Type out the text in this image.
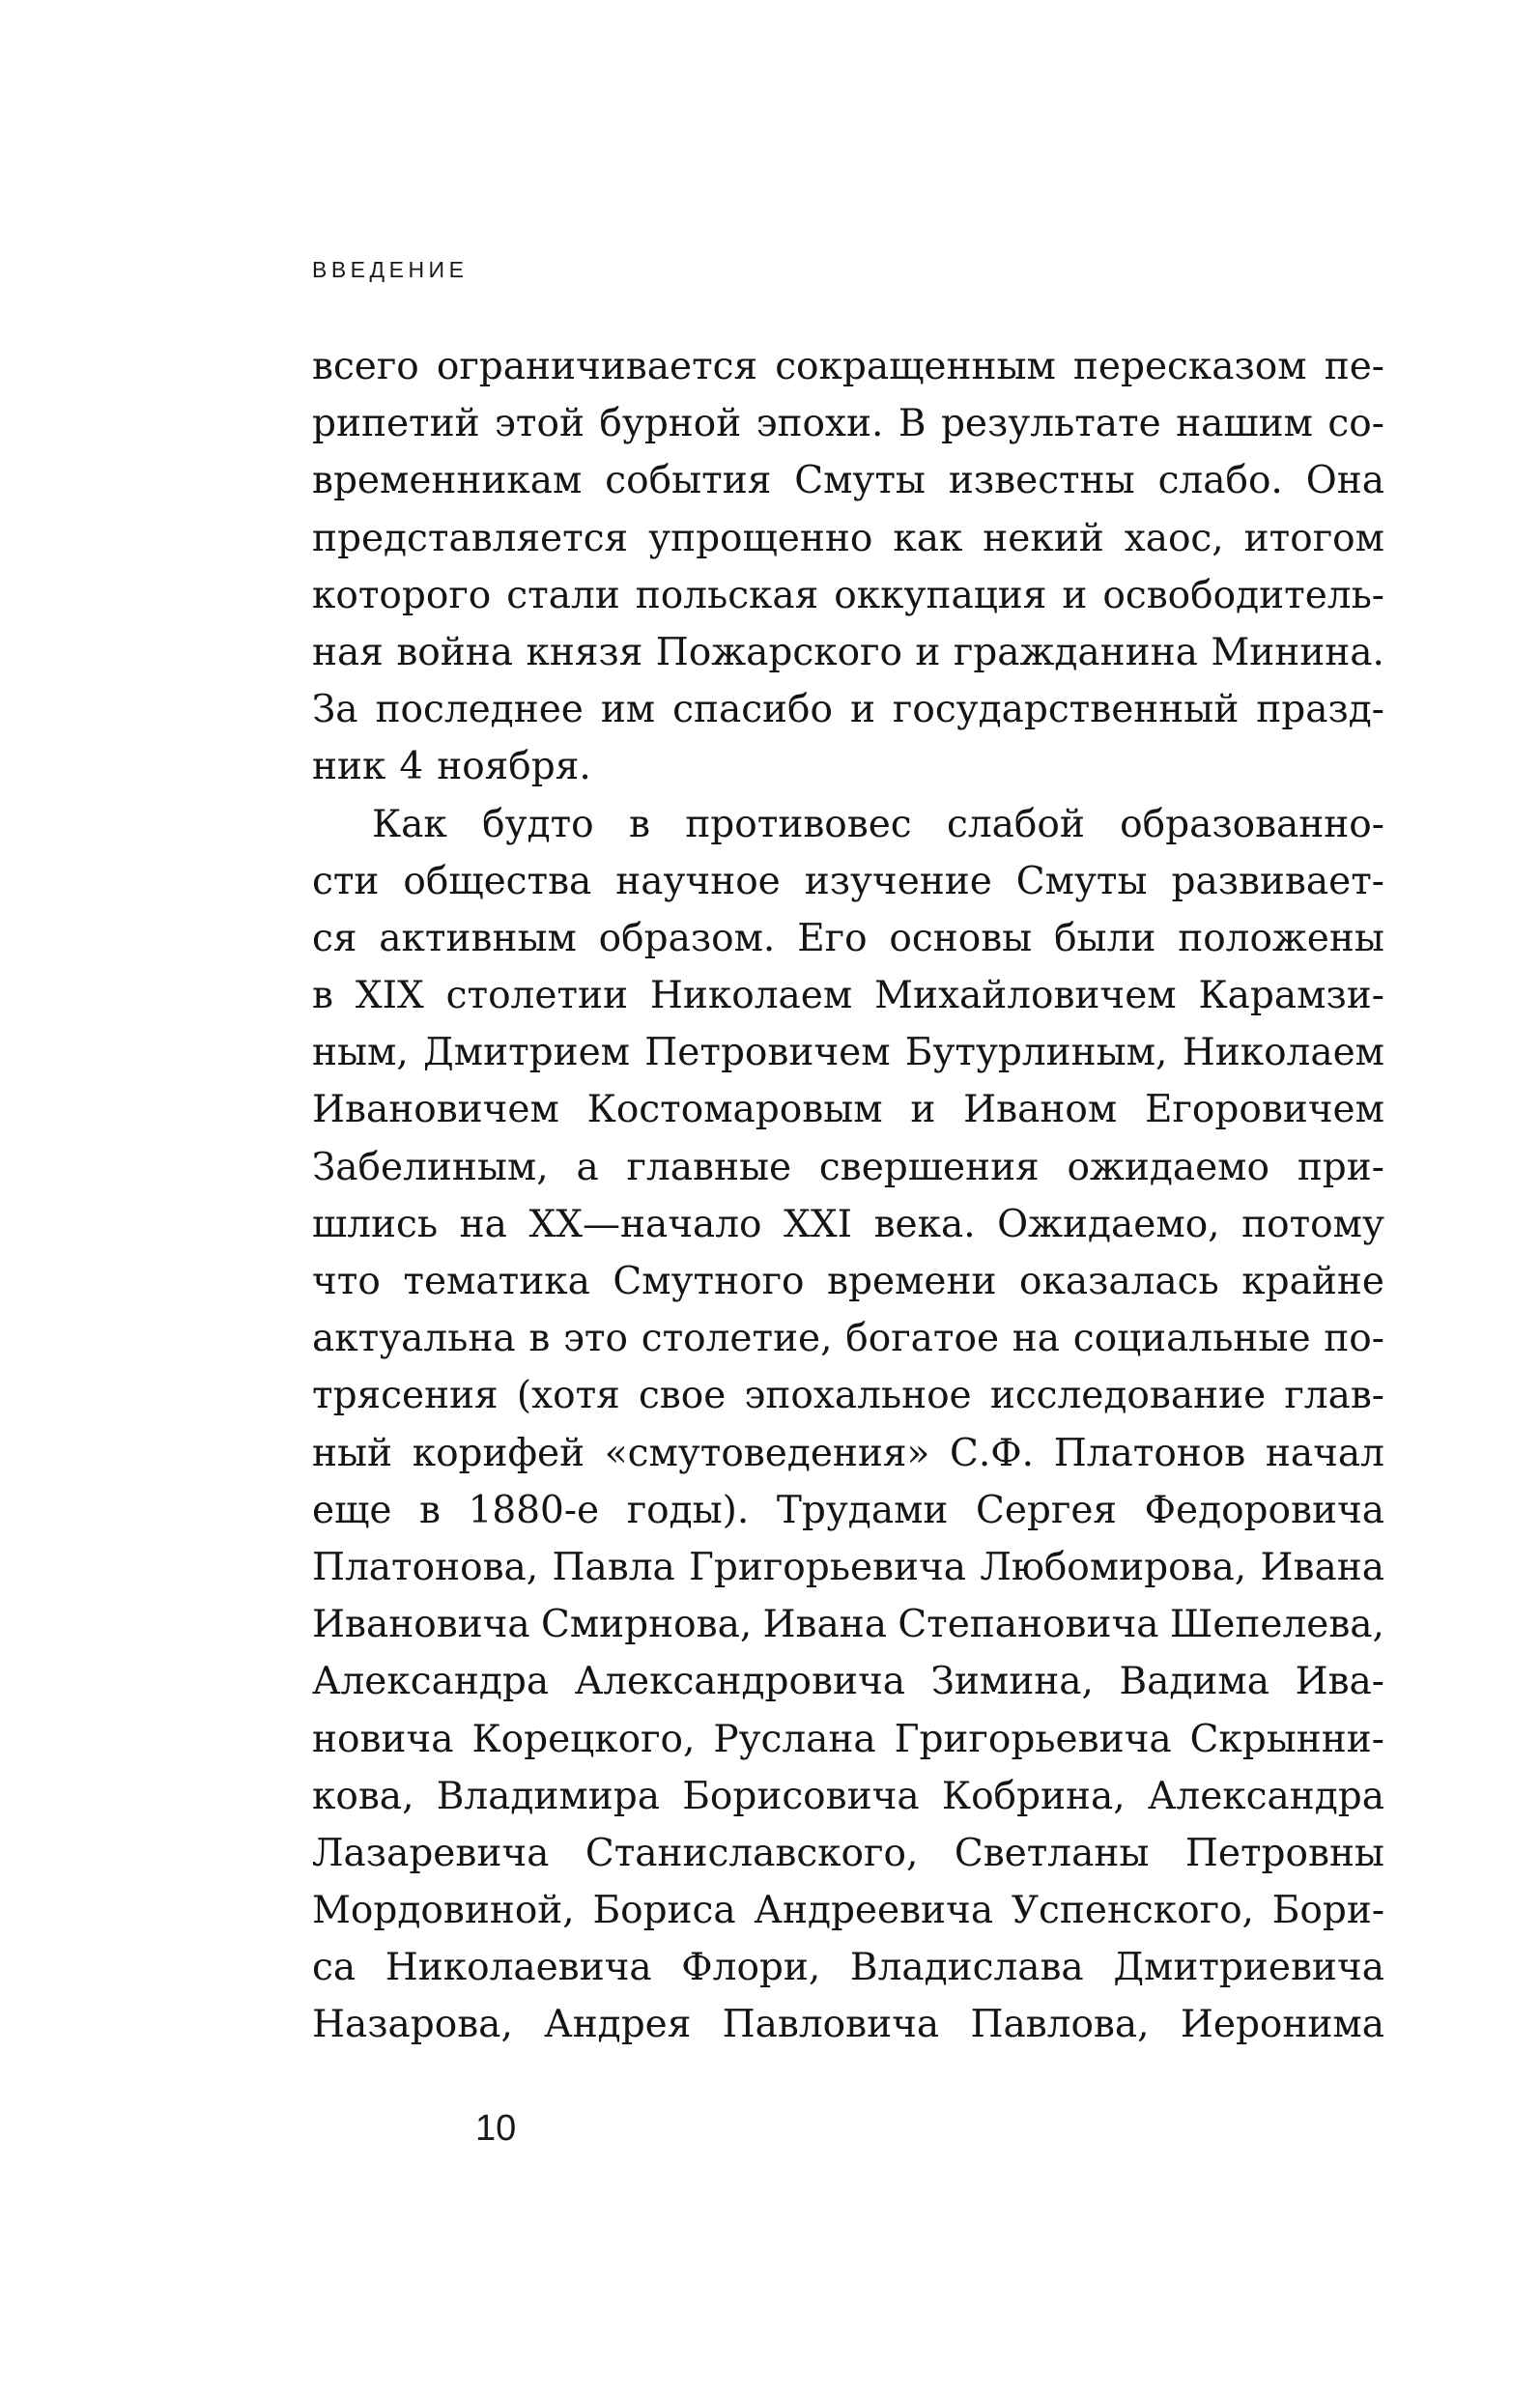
ВВЕДЕНИЕ
всего ограничивается сокращенным пересказом пе-
рипетий этой бурной эпохи. В результате нашим со-
временникам события Смуты известны слабо. Она
представляется упрощенно как некий хаос, итогом
которого стали польская оккупация и освободитель-
ная война князя Пожарского и гражданина Минина.
За последнее им спасибо и государственный празд-
ник 4 ноября.
Как будто в противовес слабой образованно-
сти общества научное изучение Смуты развивает-
ся активным образом. Его основы были положены
в XIX столетии Николаем Михайловичем Карамзи-
ным, Дмитрием Петровичем Бутурлиным, Николаем
Ивановичем Костомаровым и Иваном Егоровичем
Забелиным, а главные свершения ожидаемо при-
шлись на XX—начало XXI века. Ожидаемо, потому
что тематика Смутного времени оказалась крайне
актуальна в это столетие, богатое на социальные по-
трясения (хотя свое эпохальное исследование глав-
ный корифей «смутоведения» С.Ф. Платонов начал
еще в 1880-е годы). Трудами Сергея Федоровича
Платонова, Павла Григорьевича Любомирова, Ивана
Ивановича Смирнова, Ивана Степановича Шепелева,
Александра Александровича Зимина, Вадима Ива-
новича Корецкого, Руслана Григорьевича Скрынни-
кова, Владимира Борисовича Кобрина, Александра
Лазаревича Станиславского, Светланы Петровны
Мордовиной, Бориса Андреевича Успенского, Бори-
са Николаевича Флори, Владислава Дмитриевича
Назарова, Андрея Павловича Павлова, Иеронима
10
